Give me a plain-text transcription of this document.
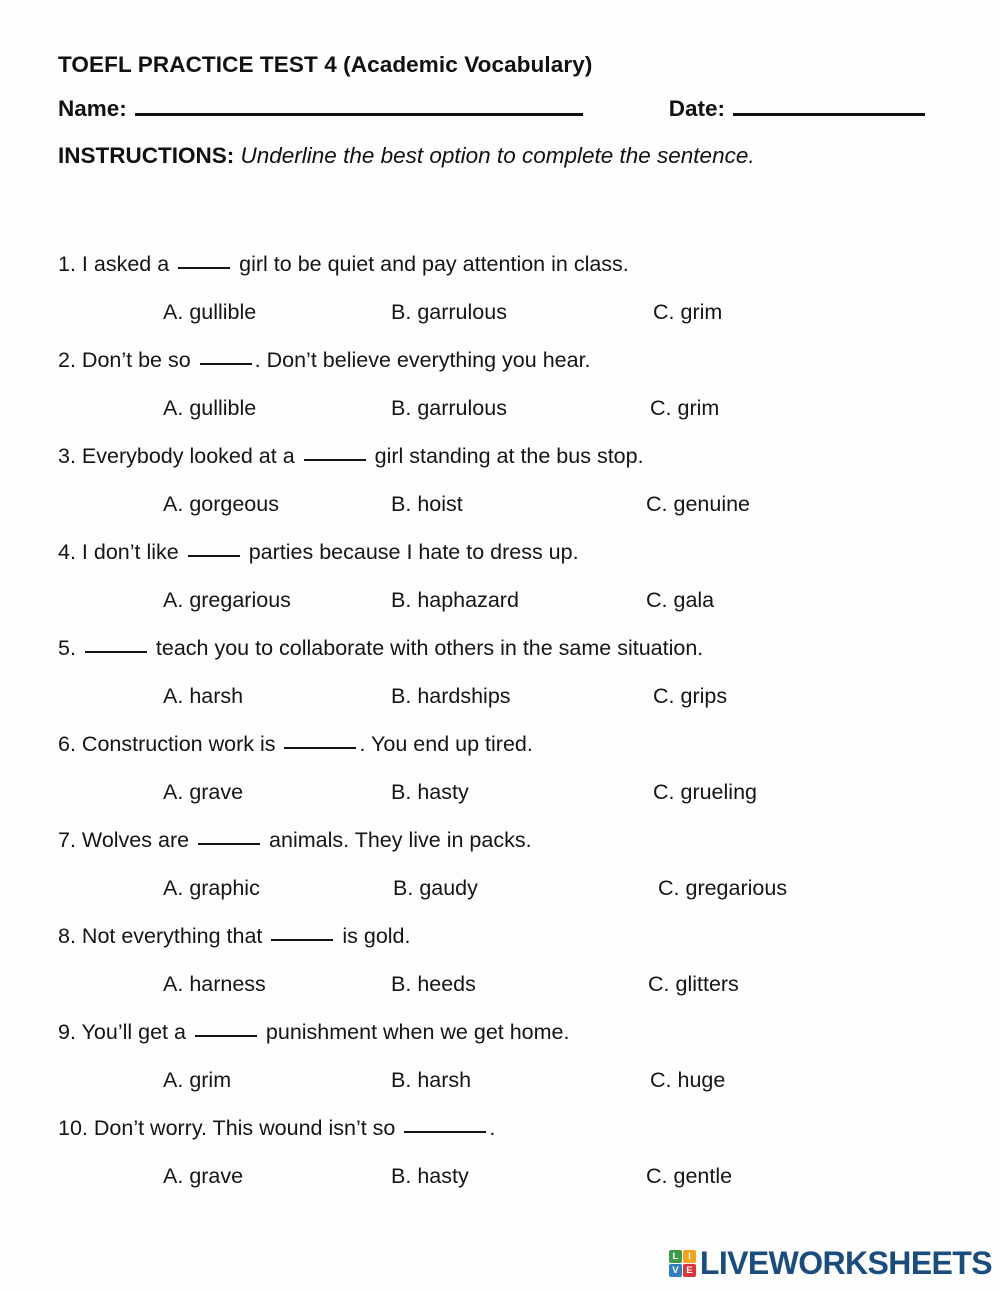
TOEFL PRACTICE TEST 4 (Academic Vocabulary)
Name:	Date:
INSTRUCTIONS: Underline the best option to complete the sentence.
1. I asked a	girl to be quiet and pay attention in class.
A. gullible	B. garrulous	C. grim
2. Don’t be so	. Don’t believe everything you hear.
A. gullible	B. garrulous	C. grim
3. Everybody looked at a	girl standing at the bus stop.
A. gorgeous	B. hoist	C. genuine
4. I don’t like	parties because I hate to dress up.
A. gregarious	B. haphazard	C. gala
5.	teach you to collaborate with others in the same situation.
A. harsh	B. hardships	C. grips
6. Construction work is	. You end up tired.
A. grave	B. hasty	C. grueling
7. Wolves are	animals. They live in packs.
A. graphic	B. gaudy	C. gregarious
8. Not everything that	is gold.
A. harness	B. heeds	C. glitters
9. You’ll get a	punishment when we get home.
A. grim	B. harsh	C. huge
10. Don’t worry. This wound isn’t so	.
A. grave	B. hasty	C. gentle
L	I
V E LIVEWORKSHEETS
